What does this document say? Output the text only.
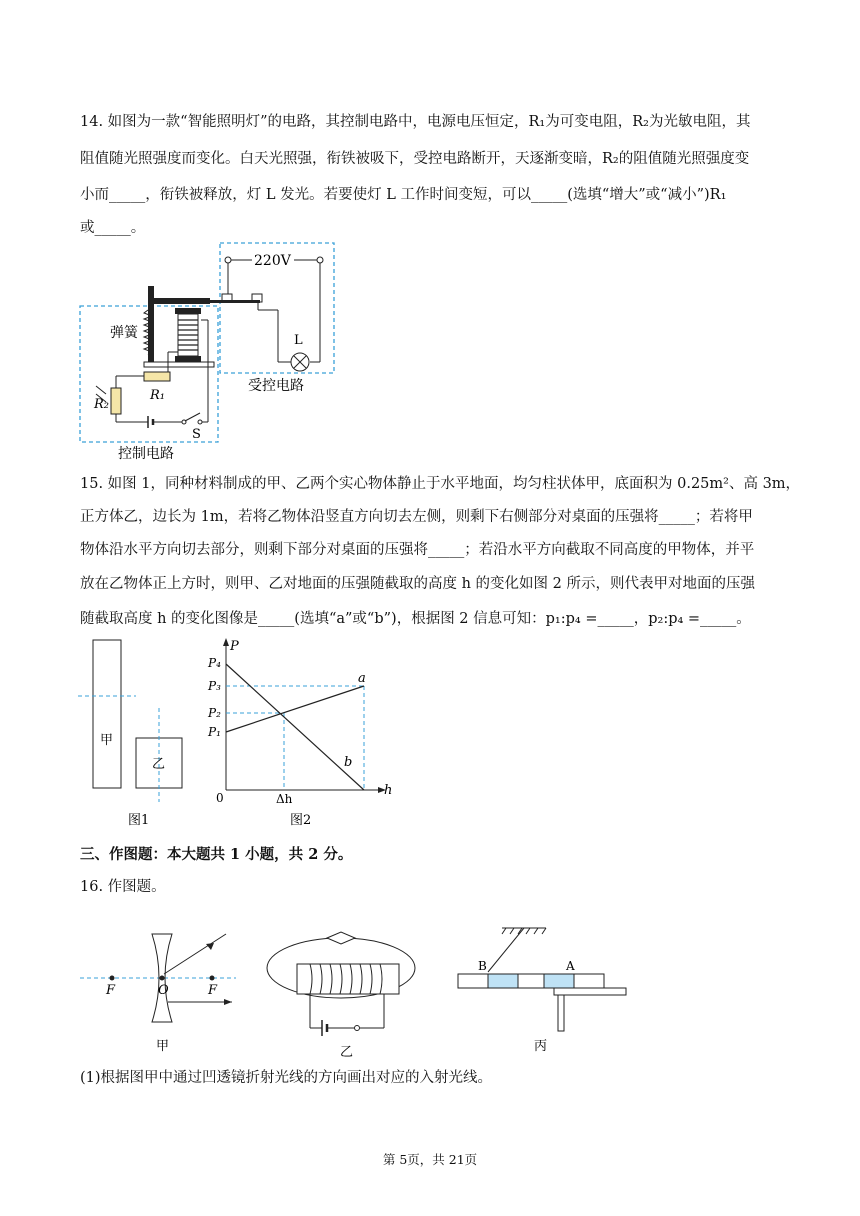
14. 如图为一款“智能照明灯”的电路，其控制电路中，电源电压恒定，R₁为可变电阻，R₂为光敏电阻，其

阻值随光照强度而变化。白天光照强，衔铁被吸下，受控电路断开，天逐渐变暗，R₂的阻值随光照强度变

小而_____，衔铁被释放，灯 L 发光。若要使灯 L 工作时间变短，可以_____(选填“增大”或“减小”)R₁

或_____。

220V
L
弹簧
R₁
R₂
S
受控电路
控制电路

15. 如图 1，同种材料制成的甲、乙两个实心物体静止于水平地面，均匀柱状体甲，底面积为 0.25m²、高 3m，

正方体乙，边长为 1m，若将乙物体沿竖直方向切去左侧，则剩下右侧部分对桌面的压强将_____；若将甲

物体沿水平方向切去部分，则剩下部分对桌面的压强将_____；若沿水平方向截取不同高度的甲物体，并平

放在乙物体正上方时，则甲、乙对地面的压强随截取的高度 h 的变化如图 2 所示，则代表甲对地面的压强

随截取高度 h 的变化图像是_____(选填“a”或“b”)，根据图 2 信息可知：p₁:p₄ =_____，p₂:p₄ =_____。

甲
乙
图1
P
h
0
P₄
P₃
P₂
P₁
a
b
Δh
图2

三、作图题：本大题共 1 小题，共 2 分。

16. 作图题。

F	O	F
甲	乙
B	A
丙

(1)根据图甲中通过凹透镜折射光线的方向画出对应的入射光线。

第 5页，共 21页
